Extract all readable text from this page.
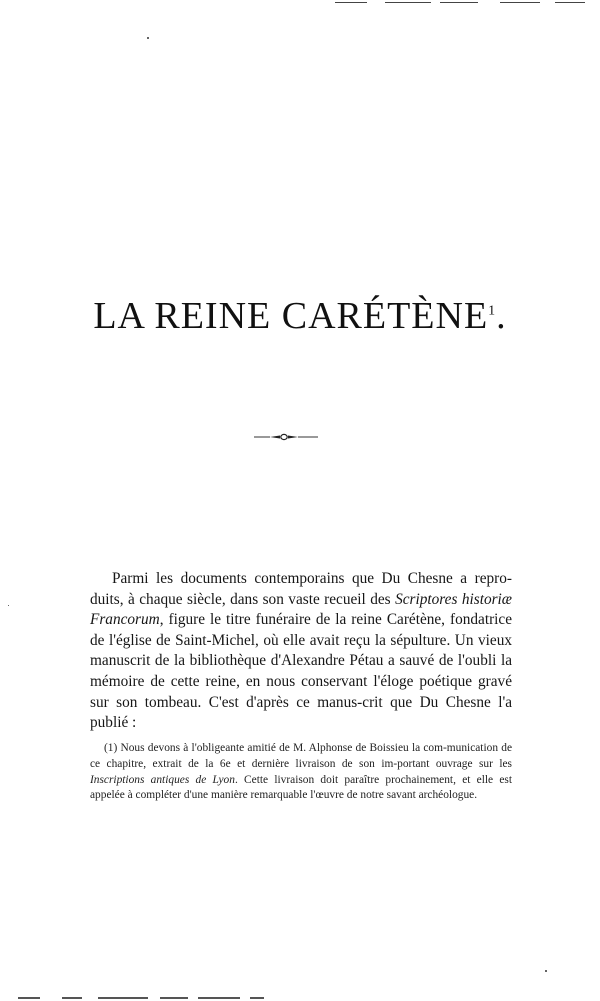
LA REINE CARÉTÈNE$^1$.

Parmi les documents contemporains que Du Chesne a repro-duits, à chaque siècle, dans son vaste recueil des Scriptores historiæ Francorum, figure le titre funéraire de la reine Carétène, fondatrice de l'église de Saint-Michel, où elle avait reçu la sépulture. Un vieux manuscrit de la bibliothèque d'Alexandre Pétau a sauvé de l'oubli la mémoire de cette reine, en nous conservant l'éloge poétique gravé sur son tombeau. C'est d'après ce manus-crit que Du Chesne l'a publié :

(1) Nous devons à l'obligeante amitié de M. Alphonse de Boissieu la com-munication de ce chapitre, extrait de la 6e et dernière livraison de son im-portant ouvrage sur les Inscriptions antiques de Lyon. Cette livraison doit paraître prochainement, et elle est appelée à compléter d'une manière remarquable l'œuvre de notre savant archéologue.
